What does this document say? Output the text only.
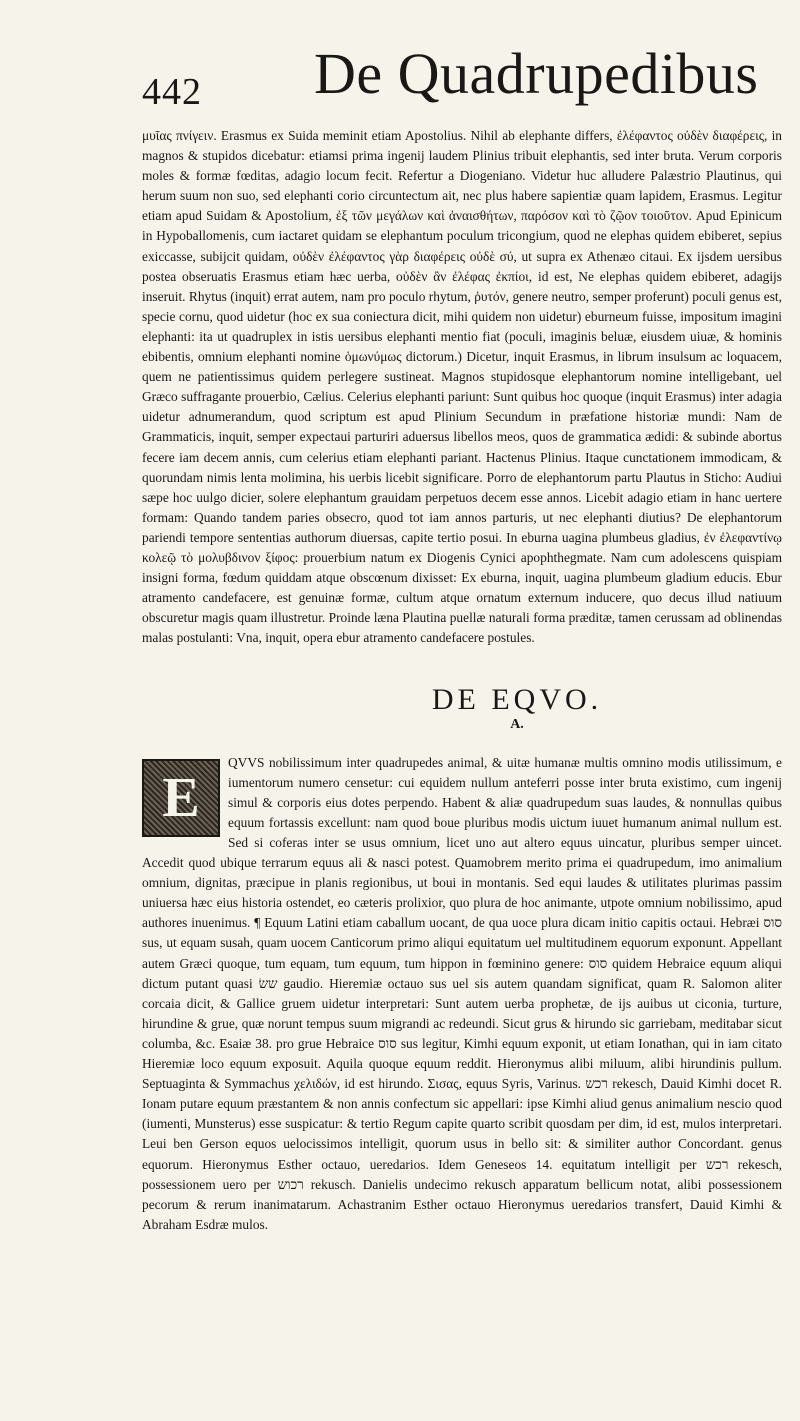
442 De Quadrupedibus

μυῖας πνίγειν. Erasmus ex Suida meminit etiam Apostolius. Nihil ab elephante differs, ἐλέφαντος οὐδὲν διαφέρεις, in magnos & stupidos dicebatur: etiamsi prima ingenij laudem Plinius tribuit elephantis, sed inter bruta. Verum corporis moles & formæ fœditas, adagio locum fecit. Refertur a Diogeniano. Videtur huc alludere Palæstrio Plautinus, qui herum suum non suo, sed elephanti corio circuntectum ait, nec plus habere sapientiæ quam lapidem, Erasmus. Legitur etiam apud Suidam & Apostolium, ἐξ τῶν μεγάλων καὶ ἀναισθήτων, παρόσον καὶ τὸ ζῷον τοιοῦτον. Apud Epinicum in Hypoballomenis, cum iactaret quidam se elephantum poculum tricongium, quod ne elephas quidem ebiberet, sepius exiccasse, subijcit quidam, οὐδὲν ἐλέφαντος γὰρ διαφέρεις οὐδὲ σύ, ut supra ex Athenæo citaui. Ex ijsdem uersibus postea obseruatis Erasmus etiam hæc uerba, οὐδὲν ἂν ἐλέφας ἐκπίοι, id est, Ne elephas quidem ebiberet, adagijs inseruit. Rhytus (inquit) errat autem, nam pro poculo rhytum, ῥυτόν, genere neutro, semper proferunt) poculi genus est, specie cornu, quod uidetur (hoc ex sua coniectura dicit, mihi quidem non uidetur) eburneum fuisse, impositum imagini elephanti: ita ut quadruplex in istis uersibus elephanti mentio fiat (poculi, imaginis beluæ, eiusdem uiuæ, & hominis ebibentis, omnium elephanti nomine ὁμωνύμως dictorum.) Dicetur, inquit Erasmus, in librum insulsum ac loquacem, quem ne patientissimus quidem perlegere sustineat. Magnos stupidosque elephantorum nomine intelligebant, uel Græco suffragante prouerbio, Cælius. Celerius elephanti pariunt: Sunt quibus hoc quoque (inquit Erasmus) inter adagia uidetur adnumerandum, quod scriptum est apud Plinium Secundum in præfatione historiæ mundi: Nam de Grammaticis, inquit, semper expectaui parturiri aduersus libellos meos, quos de grammatica ædidi: & subinde abortus fecere iam decem annis, cum celerius etiam elephanti pariant. Hactenus Plinius. Itaque cunctationem immodicam, & quorundam nimis lenta molimina, his uerbis licebit significare. Porro de elephantorum partu Plautus in Sticho: Audiui sæpe hoc uulgo dicier, solere elephantum grauidam perpetuos decem esse annos. Licebit adagio etiam in hanc uertere formam: Quando tandem paries obsecro, quod tot iam annos parturis, ut nec elephanti diutius? De elephantorum pariendi tempore sententias authorum diuersas, capite tertio posui. In eburna uagina plumbeus gladius, ἐν ἐλεφαντίνῳ κολεῷ τὸ μολυβδινον ξίφος: prouerbium natum ex Diogenis Cynici apophthegmate. Nam cum adolescens quispiam insigni forma, fœdum quiddam atque obscœnum dixisset: Ex eburna, inquit, uagina plumbeum gladium educis. Ebur atramento candefacere, est genuinæ formæ, cultum atque ornatum externum inducere, quo decus illud natiuum obscuretur magis quam illustretur. Proinde læna Plautina puellæ naturali forma præditæ, tamen cerussam ad oblinendas malas postulanti: Vna, inquit, opera ebur atramento candefacere postules.

DE EQVO.
A.
E

QVVS nobilissimum inter quadrupedes animal, & uitæ humanæ multis omnino modis utilissimum, e iumentorum numero censetur: cui equidem nullum anteferri posse inter bruta existimo, cum ingenij simul & corporis eius dotes perpendo. Habent & aliæ quadrupedum suas laudes, & nonnullas quibus equum fortassis excellunt: nam quod boue pluribus modis uictum iuuet humanum animal nullum est. Sed si coferas inter se usus omnium, licet uno aut altero equus uincatur, pluribus semper uincet. Accedit quod ubique terrarum equus ali & nasci potest. Quamobrem merito prima ei quadrupedum, imo animalium omnium, dignitas, præcipue in planis regionibus, ut boui in montanis. Sed equi laudes & utilitates plurimas passim uniuersa hæc eius historia ostendet, eo cæteris prolixior, quo plura de hoc animante, utpote omnium nobilissimo, apud authores inuenimus. ¶ Equum Latini etiam caballum uocant, de qua uoce plura dicam initio capitis octaui. Hebræi סוס sus, ut equam susah, quam uocem Canticorum primo aliqui equitatum uel multitudinem equorum exponunt. Appellant autem Græci quoque, tum equam, tum equum, tum hippon in fœminino genere: סוס quidem Hebraice equum aliqui dictum putant quasi ששׂ gaudio. Hieremiæ octauo sus uel sis autem quandam significat, quam R. Salomon aliter corcaia dicit, & Gallice gruem uidetur interpretari: Sunt autem uerba prophetæ, de ijs auibus ut ciconia, turture, hirundine & grue, quæ norunt tempus suum migrandi ac redeundi. Sicut grus & hirundo sic garriebam, meditabar sicut columba, &c. Esaiæ 38. pro grue Hebraice סוס sus legitur, Kimhi equum exponit, ut etiam Ionathan, qui in iam citato Hieremiæ loco equum exposuit. Aquila quoque equum reddit. Hieronymus alibi miluum, alibi hirundinis pullum. Septuaginta & Symmachus χελιδών, id est hirundo. Σισας, equus Syris, Varinus. רכש rekesch, Dauid Kimhi docet R. Ionam putare equum præstantem & non annis confectum sic appellari: ipse Kimhi aliud genus animalium nescio quod (iumenti, Munsterus) esse suspicatur: & tertio Regum capite quarto scribit quosdam per dim, id est, mulos interpretari. Leui ben Gerson equos uelocissimos intelligit, quorum usus in bello sit: & similiter author Concordant. genus equorum. Hieronymus Esther octauo, ueredarios. Idem Geneseos 14. equitatum intelligit per רכש rekesch, possessionem uero per רכוש rekusch. Danielis undecimo rekusch apparatum bellicum notat, alibi possessionem pecorum & rerum inanimatarum. Achastranim Esther octauo Hieronymus ueredarios transfert, Dauid Kimhi & Abraham Esdræ mulos.
